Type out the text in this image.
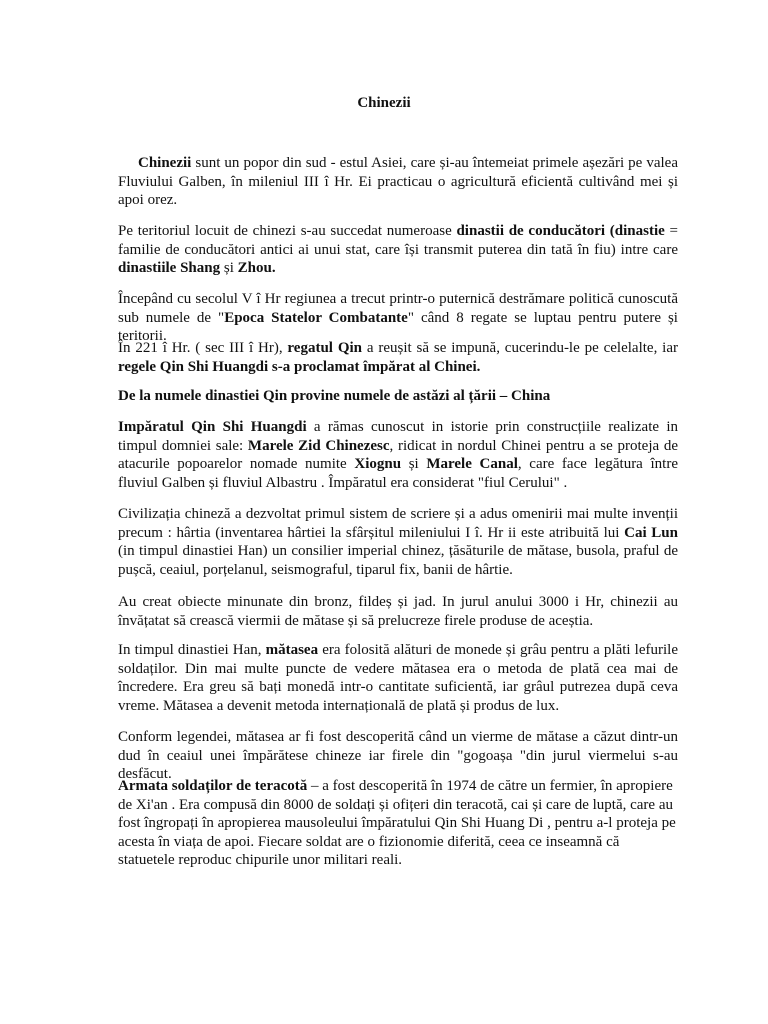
Chinezii

Chinezii sunt un popor din sud - estul Asiei, care și-au întemeiat primele așezări pe valea Fluviului Galben, în mileniul III î Hr. Ei practicau o agricultură eficientă cultivând mei și apoi orez.

Pe teritoriul locuit de chinezi s-au succedat numeroase dinastii de conducători (dinastie = familie de conducători antici ai unui stat, care își transmit puterea din tată în fiu) intre care dinastiile Shang și Zhou.

Începând cu secolul V î Hr regiunea a trecut printr-o puternică destrămare politică cunoscută sub numele de "Epoca Statelor Combatante" când 8 regate se luptau pentru putere și teritorii.

În 221 î Hr. ( sec III î Hr), regatul Qin a reușit să se impună, cucerindu-le pe celelalte, iar regele Qin Shi Huangdi s-a proclamat împărat al Chinei.

De la numele dinastiei Qin provine numele de astăzi al țării – China

Impăratul Qin Shi Huangdi a rămas cunoscut in istorie prin construcțiile realizate in timpul domniei sale: Marele Zid Chinezesc, ridicat in nordul Chinei pentru a se proteja de atacurile popoarelor nomade numite Xiognu și Marele Canal, care face legătura între fluviul Galben și fluviul Albastru . Împăratul era considerat "fiul Cerului" .

Civilizația chineză a dezvoltat primul sistem de scriere și a adus omenirii mai multe invenții precum : hârtia (inventarea hârtiei la sfârșitul mileniului I î. Hr ii este atribuită lui Cai Lun (in timpul dinastiei Han) un consilier imperial chinez, țăsăturile de mătase, busola, praful de pușcă, ceaiul, porțelanul, seismograful, tiparul fix, banii de hârtie.

Au creat obiecte minunate din bronz, fildeș și jad. In jurul anului 3000 i Hr, chinezii au învățatat să crească viermii de mătase și să prelucreze firele produse de aceștia.

In timpul dinastiei Han, mătasea era folosită alături de monede și grâu pentru a plăti lefurile soldaților. Din mai multe puncte de vedere mătasea era o metoda de plată cea mai de încredere. Era greu să bați monedă intr-o cantitate suficientă, iar grâul putrezea după ceva vreme. Mătasea a devenit metoda internațională de plată și produs de lux.

Conform legendei, mătasea ar fi fost descoperită când un vierme de mătase a căzut dintr-un dud în ceaiul unei împărătese chineze iar firele din "gogoașa "din jurul viermelui s-au desfăcut.

Armata soldaților de teracotă – a fost descoperită în 1974 de către un fermier, în apropiere de Xi'an . Era compusă din 8000 de soldați și ofițeri din teracotă, cai și care de luptă, care au fost îngropați în apropierea mausoleului împăratului Qin Shi Huang Di , pentru a-l proteja pe acesta în viața de apoi. Fiecare soldat are o fizionomie diferită, ceea ce inseamnă că statuetele reproduc chipurile unor militari reali.
